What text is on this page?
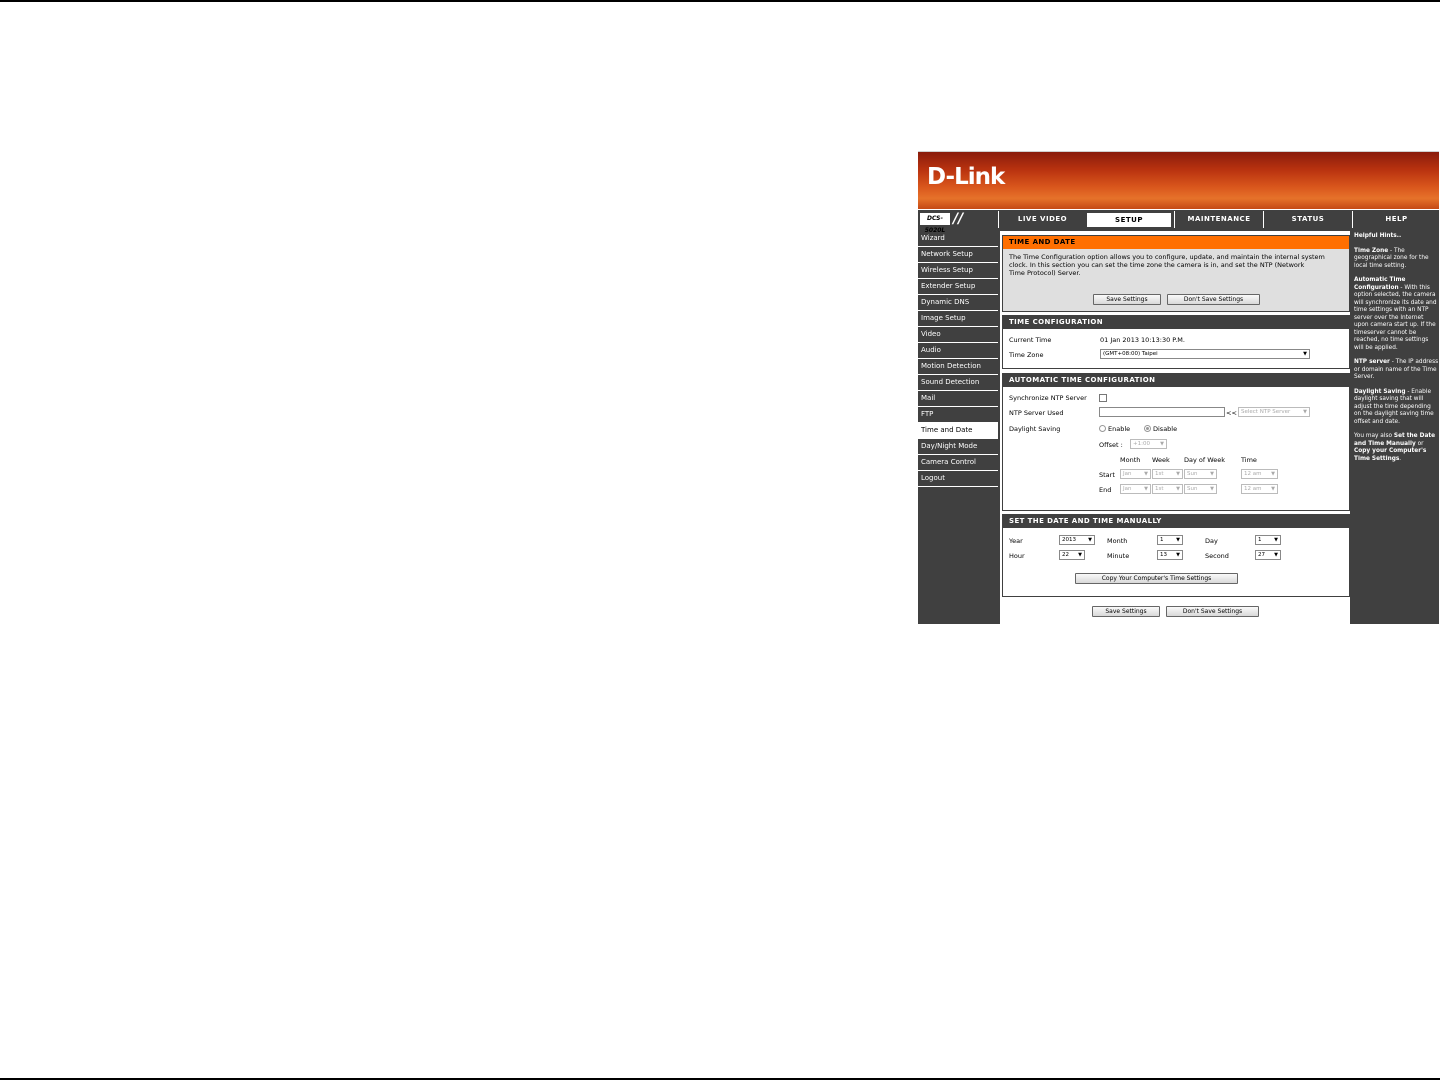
D-Link
DCS-5020L
//	LIVE VIDEO	SETUP	MAINTENANCE	STATUS	HELP
Wizard
Network Setup
Wireless Setup
Extender Setup
Dynamic DNS
Image Setup
Video
Audio
Motion Detection
Sound Detection
Mail
FTP
Time and Date
Day/Night Mode
Camera Control
Logout
TIME AND DATE
The Time Configuration option allows you to configure, update, and maintain the internal system
clock. In this section you can set the time zone the camera is in, and set the NTP (Network
Time Protocol) Server.
Save Settings	Don't Save Settings
TIME CONFIGURATION
Current Time	01 Jan 2013 10:13:30 P.M.
Time Zone	(GMT+08:00) Taipei	▼
AUTOMATIC TIME CONFIGURATION
Synchronize NTP Server
NTP Server Used	<< Select NTP Server	▼
Daylight Saving	Enable	Disable
Offset :	+1:00 ▼
Month Week Day of Week Time
Start	Jan	▼	1st	▼	Sun	▼	12 am ▼
End	Jan	▼	1st	▼	Sun	▼	12 am ▼
SET THE DATE AND TIME MANUALLY
Year	2013 ▼ Month	1	▼	Day	1	▼
Hour	22 ▼	Minute	13 ▼	Second	27 ▼
Copy Your Computer's Time Settings
Save Settings	Don't Save Settings

Helpful Hints..

Time Zone - The geographical zone for the local time setting.

Automatic Time Configuration - With this option selected, the camera will synchronize its date and time settings with an NTP server over the Internet upon camera start up. If the timeserver cannot be reached, no time settings will be applied.

NTP server - The IP address or domain name of the Time Server.

Daylight Saving - Enable daylight saving that will adjust the time depending on the daylight saving time offset and date.

You may also Set the Date and Time Manually or Copy your Computer's Time Settings.
